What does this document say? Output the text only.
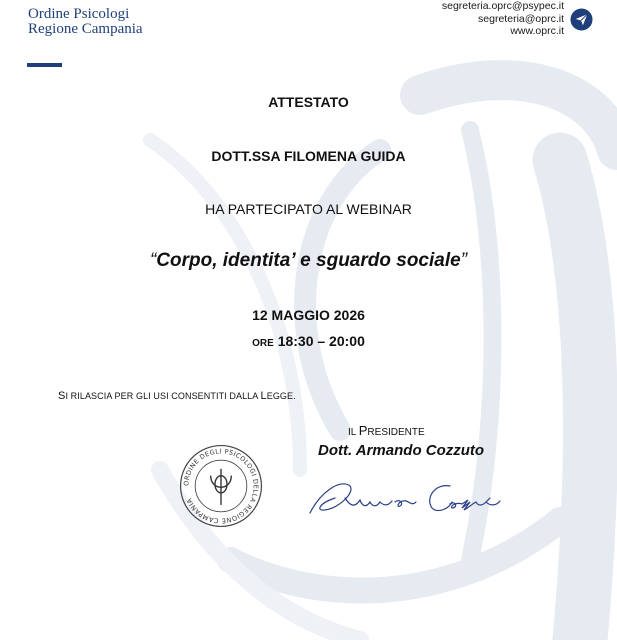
Ordine Psicologi
Regione Campania
segreteria.oprc@psypec.it
segreteria@oprc.it
www.oprc.it
ATTESTATO
DOTT.SSA FILOMENA GUIDA
HA PARTECIPATO AL WEBINAR
“Corpo, identita’ e sguardo sociale”
12 MAGGIO 2026
ORE 18:30 – 20:00
SI RILASCIA PER GLI USI CONSENTITI DALLA LEGGE.
IL PRESIDENTE
Dott. Armando Cozzuto
ORDINE DEGLI PSICOLOGI DELLA REGIONE CAMPANIA
